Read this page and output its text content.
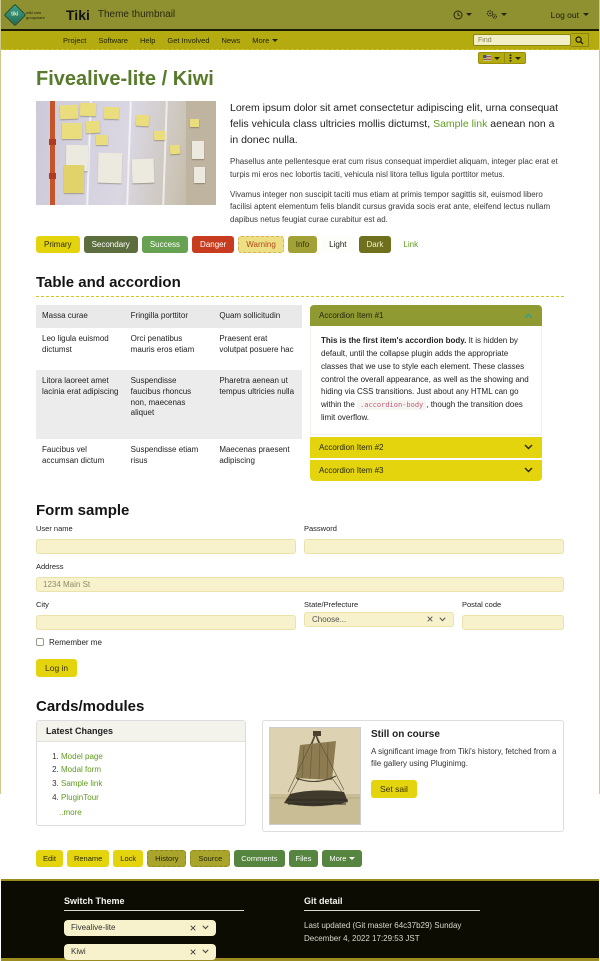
tiki wiki cms groupware	Tiki Theme thumbnail	Log out
Project Software Help Get Involved News More
Find
Fivealive-lite / Kiwi

Lorem ipsum dolor sit amet consectetur adipiscing elit, urna consequat felis vehicula class ultricies mollis dictumst, Sample link aenean non a in donec nulla.

Phasellus ante pellentesque erat cum risus consequat imperdiet aliquam, integer plac erat et turpis mi eros nec lobortis taciti, vehicula nisl litora tellus ligula porttitor metus.

Vivamus integer non suscipit taciti mus etiam at primis tempor sagittis sit, euismod libero facilisi aptent elementum felis blandit cursus gravida socis erat ante, eleifend lectus nullam dapibus netus feugiat curae curabitur est ad.

Primary	Secondary	Success	Danger	Warning	Info	Light	Dark	Link
Table and accordion
Massa curae	Fringilla porttitor	Quam sollicitudin
Leo ligula euismod dictumst	Orci penatibus mauris eros etiam	Praesent erat volutpat posuere hac
Litora laoreet amet lacinia erat adipiscing	Suspendisse faucibus rhoncus non, maecenas aliquet	Pharetra aenean ut tempus ultricies nulla
Faucibus vel accumsan dictum	Suspendisse etiam risus	Maecenas praesent adipiscing
Accordion Item #1
This is the first item's accordion body. It is hidden by default, until the collapse plugin adds the appropriate classes that we use to style each element. These classes control the overall appearance, as well as the showing and hiding via CSS transitions. Just about any HTML can go within the .accordion-body , though the transition does limit overflow.
Accordion Item #2
Accordion Item #3
Form sample
User name	Password
Address
1234 Main St
City	State/Prefecture
Choose...
Postal code
Remember me
Log in
Cards/modules
Latest Changes
1. Model page
2. Modal form
3. Sample link
4. PluginTour
..more
Still on course

A significant image from Tiki's history, fetched from a file gallery using Pluginimg.

Set sail
Edit	Rename	Lock	History	Source	Comments	Files	More
Switch Theme
Fivealive-lite
Kiwi
Git detail
Last updated (Git master 64c37b29) Sunday December 4, 2022 17:29:53 JST
